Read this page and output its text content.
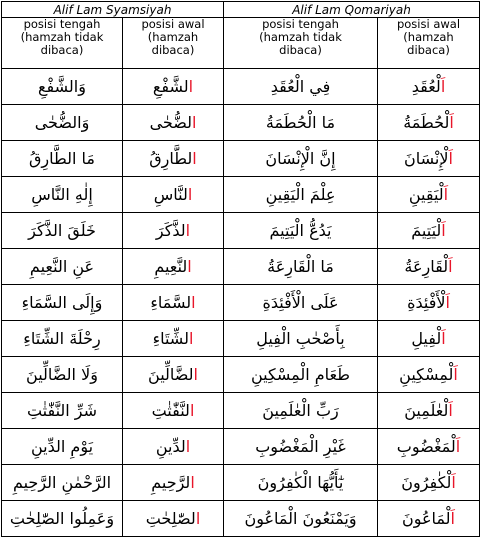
Alif Lam Syamsiyah		Alif Lam Qomariyah	
posisi tengah
(hamzah tidak
dibaca)	posisi awal
(hamzah
dibaca)	posisi tengah
(hamzah tidak
dibaca)	posisi awal
(hamzah
dibaca)
وَالشَّفْعِ	الشَّفْعِ	فِي الْعُقَدِ	اَلْعُقَدِ
وَالضُّحٰى	الضُّحٰى	مَا الْحُطَمَةُ	اَلْحُطَمَةُ
مَا الطَّارِقُ	الطَّارِقُ	إِنَّ الْإِنْسَانَ	اَلْإِنْسَانَ
إِلٰهِ النَّاسِ	النَّاسِ	عِلْمَ الْيَقِينِ	اَلْيَقِينِ
خَلَقَ الذَّكَرَ	الذَّكَرَ	يَدُعُّ الْيَتِيمَ	اَلْيَتِيمَ
عَنِ النَّعِيمِ	النَّعِيمِ	مَا الْقَارِعَةُ	اَلْقَارِعَةُ
وَإِلَى السَّمَاءِ	السَّمَاءِ	عَلَى الْأَفْئِدَةِ	اَلْأَفْئِدَةِ
رِحْلَةَ الشِّتَاءِ	الشِّتَاءِ	بِأَصْحٰبِ الْفِيلِ	اَلْفِيلِ
وَلَا الضَّالِّينَ	الضَّالِّينَ	طَعَامِ الْمِسْكِينِ	اَلْمِسْكِينِ
شَرِّ النَّفّٰثٰتِ	النَّفّٰثٰتِ	رَبِّ الْعٰلَمِينَ	اَلْعٰلَمِينَ
يَوْمِ الدِّينِ	الدِّينِ	غَيْرِ الْمَغْضُوبِ	اَلْمَغْضُوبِ
الرَّحْمٰنِ الرَّحِيمِ	الرَّحِيمِ	يٰٓأَيُّهَا الْكٰفِرُونَ	اَلْكٰفِرُونَ
وَعَمِلُوا الصّٰلِحٰتِ	الصّٰلِحٰتِ	وَيَمْنَعُونَ الْمَاعُونَ	اَلْمَاعُونَ
